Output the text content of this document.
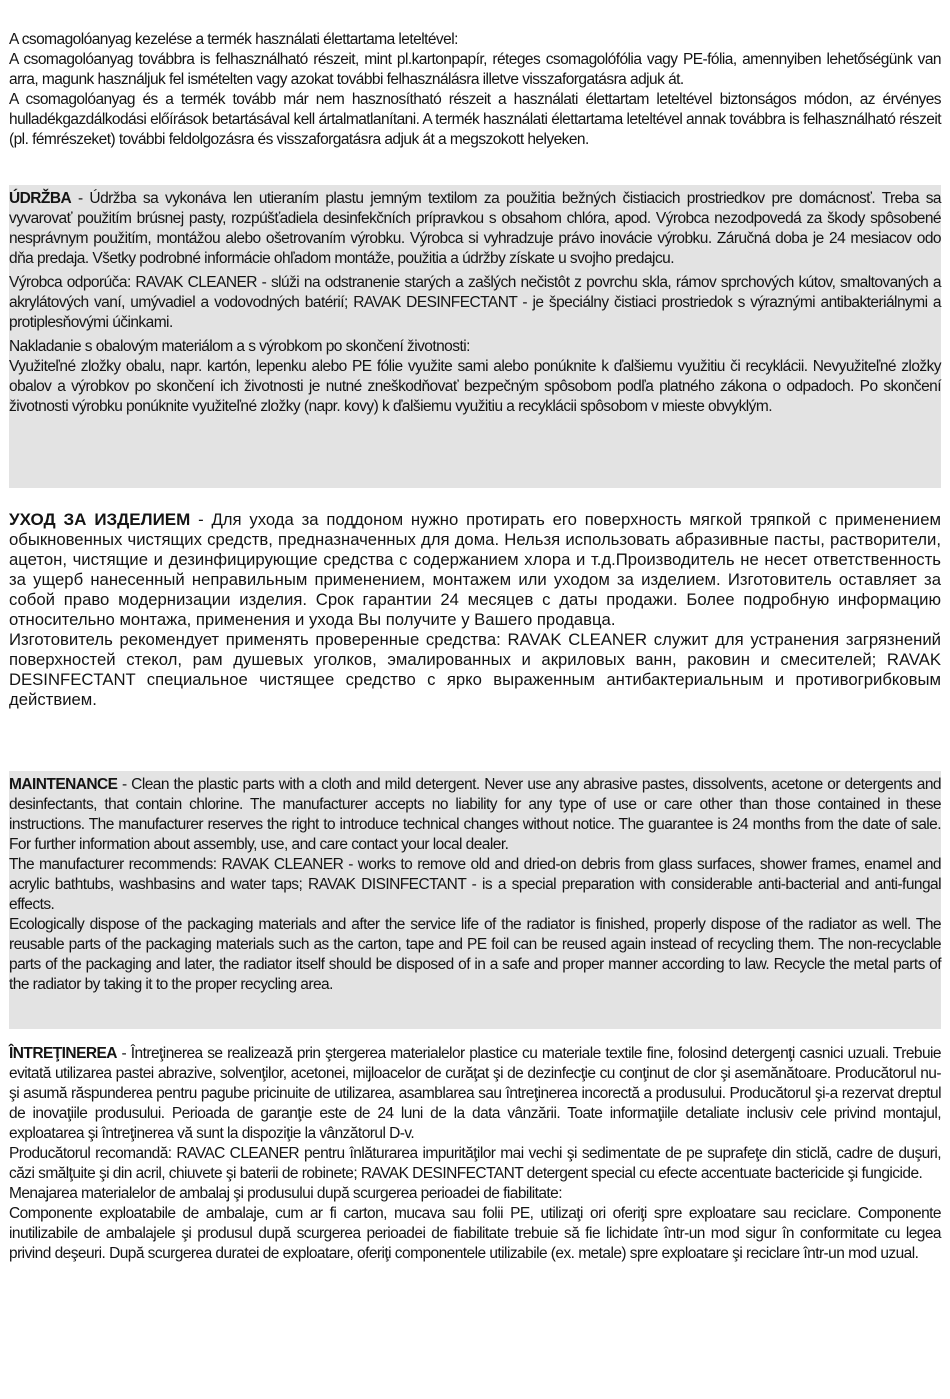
A csomagolóanyag kezelése a termék használati élettartama leteltével:

A csomagolóanyag továbbra is felhasználható részeit, mint pl.kartonpapír, réteges csomagolófólia vagy PE-fólia, amennyiben lehetőségünk van arra, magunk használjuk fel ismételten vagy azokat további felhasználásra illetve visszaforgatásra adjuk át.

A csomagolóanyag és a termék tovább már nem hasznosítható részeit a használati élettartam leteltével biztonságos módon, az érvényes hulladékgazdálkodási előírások betartásával kell ártalmatlanítani. A termék használati élettartama leteltével annak továbbra is felhasználható részeit (pl. fémrészeket) további feldolgozásra és visszaforgatásra adjuk át a megszokott helyeken.

ÚDRŽBA - Údržba sa vykonáva len utieraním plastu jemným textilom za použitia bežných čistiacich prostriedkov pre domácnosť. Treba sa vyvarovať použitím brúsnej pasty, rozpúšťadiela desinfekčních prípravkou s obsahom chlóra, apod. Výrobca nezodpovedá za škody spôsobené nesprávnym použitím, montážou alebo ošetrovaním výrobku. Výrobca si vyhradzuje právo inovácie výrobku. Záručná doba je 24 mesiacov odo dňa predaja. Všetky podrobné informácie ohľadom montáže, použitia a údržby získate u svojho predajcu.

Výrobca odporúča: RAVAK CLEANER - slúži na odstranenie starých a zašlých nečistôt z povrchu skla, rámov sprchových kútov, smaltovaných a akrylátových vaní, umývadiel a vodovodných batérií; RAVAK DESINFECTANT - je špeciálny čistiaci prostriedok s výraznými antibakteriálnymi a protiplesňovými účinkami.

Nakladanie s obalovým materiálom a s výrobkom po skončení životnosti:

Využiteľné zložky obalu, napr. kartón, lepenku alebo PE fólie využite sami alebo ponúknite k ďalšiemu využitiu či recyklácii. Nevyužiteľné zložky obalov a výrobkov po skončení ich životnosti je nutné zneškodňovať bezpečným spôsobom podľa platného zákona o odpadoch. Po skončení životnosti výrobku ponúknite využiteľné zložky (napr. kovy) k ďalšiemu využitiu a recyklácii spôsobom v mieste obvyklým.

УХОД ЗА ИЗДЕЛИЕМ - Для ухода за поддоном нужно протирать его поверхность мягкой тряпкой с применением обыкновенных чистящих средств, предназначенных для дома. Нельзя использовать абразивные пасты, растворители, ацетон, чистящие и дезинфицирующие средства с содержанием хлора и т.д.Производитель не несет ответственность за ущерб нанесенный неправильным применением, монтажем или уходом за изделием. Изготовитель оставляет за собой право модернизации изделия. Срок гарантии 24 месяцев с даты продажи. Более подробную информацию относительно монтажа, применения и ухода Вы получите у Вашего продавца.

Изготовитель рекомендует применять проверенные средства: RAVAK CLEANER служит для устранения загрязнений поверхностей стекол, рам душевых уголков, эмалированных и акриловых ванн, раковин и смесителей; RAVAK DESINFECTANT специальное чистящее средство с ярко выраженным антибактериальным и противогрибковым действием.

MAINTENANCE - Clean the plastic parts with a cloth and mild detergent. Never use any abrasive pastes, dissolvents, acetone or detergents and desinfectants, that contain chlorine. The manufacturer accepts no liability for any type of use or care other than those contained in these instructions. The manufacturer reserves the right to introduce technical changes without notice. The guarantee is 24 months from the date of sale. For further information about assembly, use, and care contact your local dealer.

The manufacturer recommends: RAVAK CLEANER - works to remove old and dried-on debris from glass surfaces, shower frames, enamel and acrylic bathtubs, washbasins and water taps; RAVAK DISINFECTANT - is a special preparation with considerable anti-bacterial and anti-fungal effects.

Ecologically dispose of the packaging materials and after the service life of the radiator is finished, properly dispose of the radiator as well. The reusable parts of the packaging materials such as the carton, tape and PE foil can be reused again instead of recycling them. The non-recyclable parts of the packaging and later, the radiator itself should be disposed of in a safe and proper manner according to law. Recycle the metal parts of the radiator by taking it to the proper recycling area.

ÎNTREŢINEREA - Întreţinerea se realizează prin ştergerea materialelor plastice cu materiale textile fine, folosind detergenţi casnici uzuali. Trebuie evitată utilizarea pastei abrazive, solvenţilor, acetonei, mijloacelor de curăţat şi de dezinfecţie cu conţinut de clor şi asemănătoare. Producătorul nu-şi asumă răspunderea pentru pagube pricinuite de utilizarea, asamblarea sau întreţinerea incorectă a produsului. Producătorul şi-a rezervat dreptul de inovaţiile produsului. Perioada de garanţie este de 24 luni de la data vânzării. Toate informaţiile detaliate inclusiv cele privind montajul, exploatarea şi întreţinerea vă sunt la dispoziţie la vânzătorul D-v.

Producătorul recomandă: RAVAC CLEANER pentru înlăturarea impurităţilor mai vechi şi sedimentate de pe suprafeţe din sticlă, cadre de duşuri, căzi smălţuite şi din acril, chiuvete şi baterii de robinete; RAVAK DESINFECTANT detergent special cu efecte accentuate bactericide şi fungicide.

Menajarea materialelor de ambalaj şi produsului după scurgerea perioadei de fiabilitate:

Componente exploatabile de ambalaje, cum ar fi carton, mucava sau folii PE, utilizaţi ori oferiţi spre exploatare sau reciclare. Componente inutilizabile de ambalajele şi produsul după scurgerea perioadei de fiabilitate trebuie să fie lichidate într-un mod sigur în conformitate cu legea privind deşeuri. După scurgerea duratei de exploatare, oferiţi componentele utilizabile (ex. metale) spre exploatare şi reciclare într-un mod uzual.
